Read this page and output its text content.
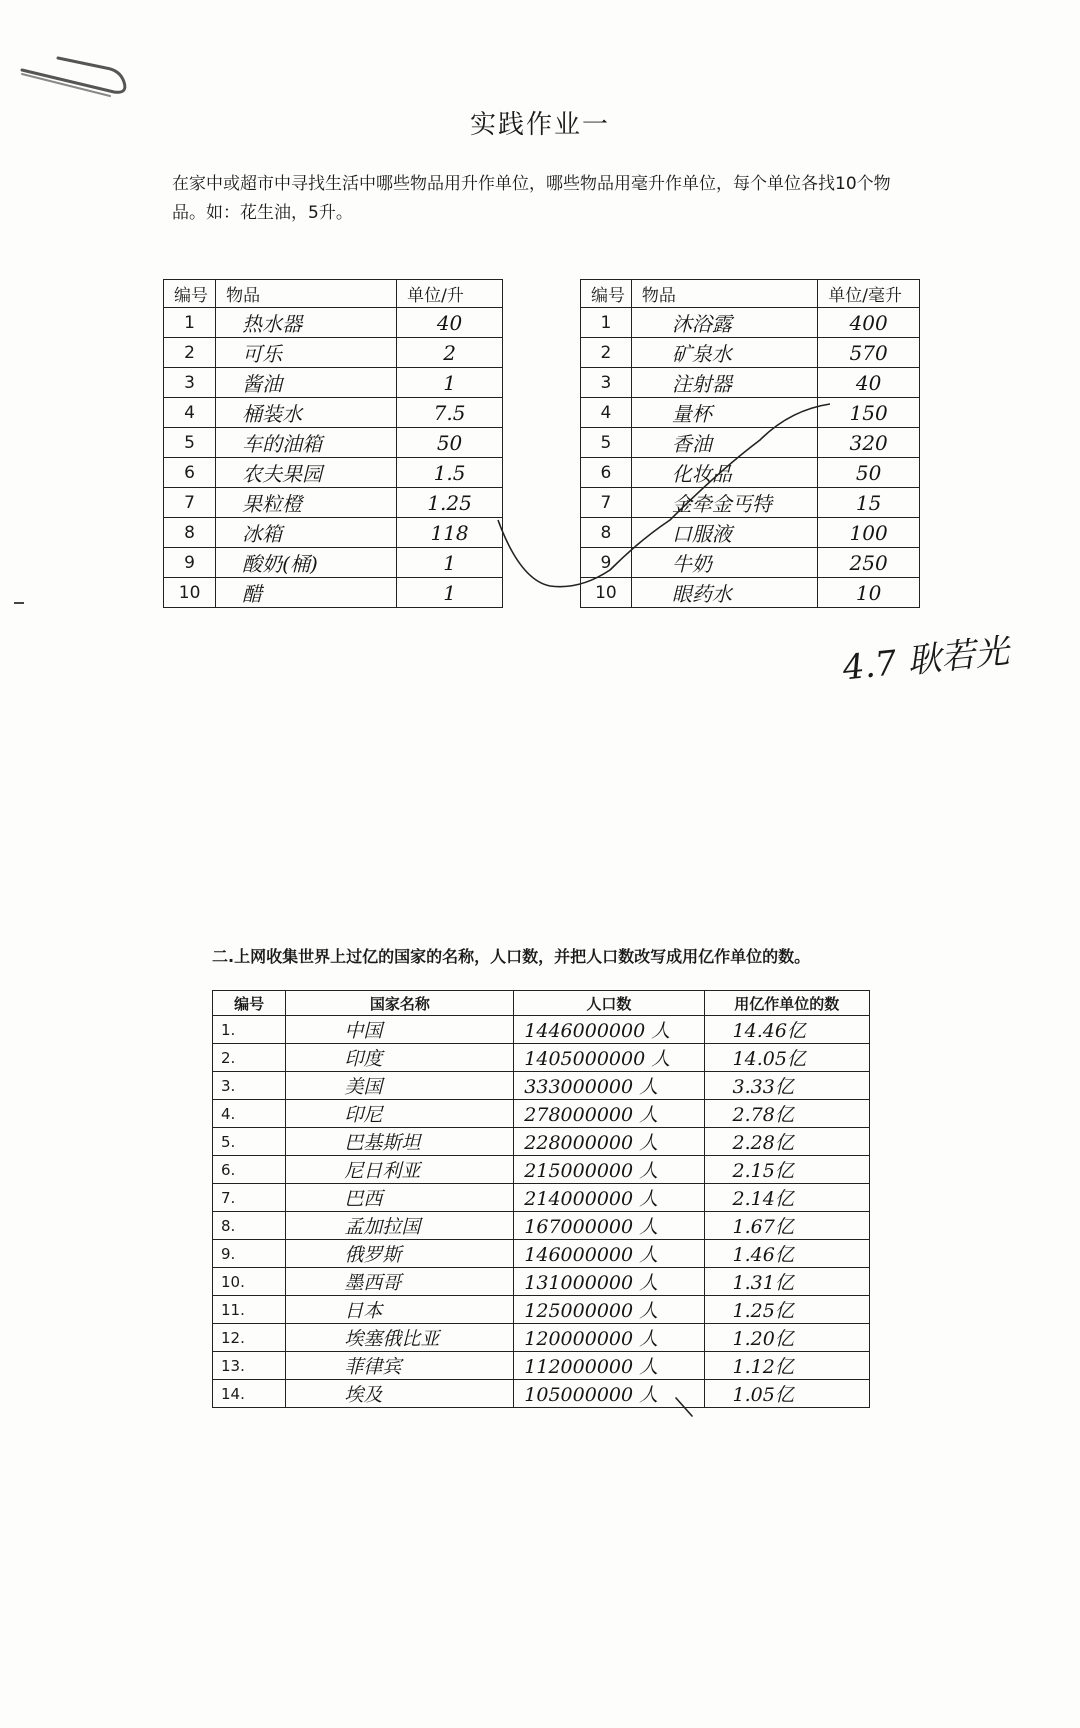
实践作业一
在家中或超市中寻找生活中哪些物品用升作单位，哪些物品用毫升作单位，每个单位各找10个物品。如：花生油，5升。
编号	物品	单位/升
1	热水器	40
2	可乐	2
3	酱油	1
4	桶装水	7.5
5	车的油箱	50
6	农夫果园	1.5
7	果粒橙	1.25
8	冰箱	118
9	酸奶(桶)	1
10	醋	1
编号	物品	单位/毫升
1	沐浴露	400
2	矿泉水	570
3	注射器	40
4	量杯	150
5	香油	320
6	化妆品	50
7	金牵金丐特	15
8	口服液	100
9	牛奶	250
10	眼药水	10
4.7 耿若光
二.上网收集世界上过亿的国家的名称，人口数，并把人口数改写成用亿作单位的数。
编号	国家名称	人口数	用亿作单位的数
1.	中国	1446000000 人	14.46亿
2.	印度	1405000000 人	14.05亿
3.	美国	333000000 人	3.33亿
4.	印尼	278000000 人	2.78亿
5.	巴基斯坦	228000000 人	2.28亿
6.	尼日利亚	215000000 人	2.15亿
7.	巴西	214000000 人	2.14亿
8.	孟加拉国	167000000 人	1.67亿
9.	俄罗斯	146000000 人	1.46亿
10.	墨西哥	131000000 人	1.31亿
11.	日本	125000000 人	1.25亿
12.	埃塞俄比亚	120000000 人	1.20亿
13.	菲律宾	112000000 人	1.12亿
14.	埃及	105000000 人	1.05亿
